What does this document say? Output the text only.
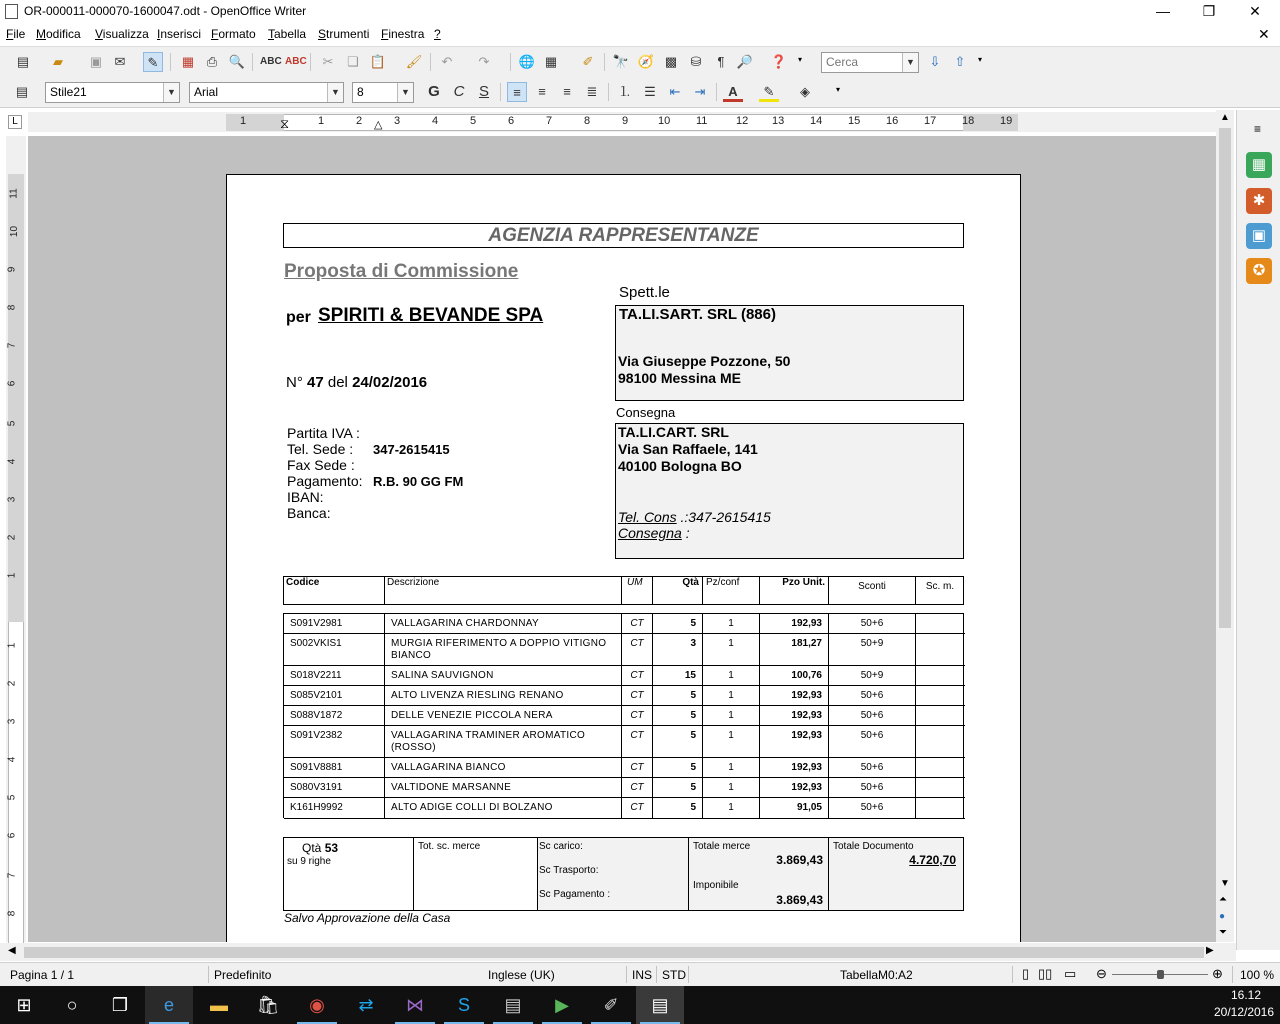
OR-000011-000070-1600047.odt - OpenOffice Writer	—	❐	✕
File Modifica Visualizza Inserisci Formato Tabella Strumenti Finestra ?	✕
▤	▰	▣ ✉	✎	▦ ⎙ 🔍 ABC ABC	✂	❏ 📋 🖌	↶	↷	🌐 ▦	✐	🔭 🧭 ▩	⛁	¶ 🔎 ❓ ▾	Cerca	▼	⇩	⇧	▾
▤	Stile21	▼	Arial	▼	8	▼ G C S	≡	≡	≡	≣	⒈ ☰	⇤	⇥	A	✎	◈	▾
L	⧖	△
1	1	2	3	4	5	6	7	8	9	10 11	12 13 14 15 16 17 18 19
11
10
9
8
7
6
5
4
3
2
1
1
2
3
4
5
6
7
8
AGENZIA RAPPRESENTANZE
Proposta di Commissione
per SPIRITI & BEVANDE SPA
N° 47 del 24/02/2016
Partita IVA :
Tel. Sede : 347-2615415
Fax Sede :
Pagamento: R.B. 90 GG FM
IBAN:
Banca:
Spett.le
TA.LI.SART. SRL (886)
Via Giuseppe Pozzone, 50
98100 Messina ME
Consegna
TA.LI.CART. SRL
Via San Raffaele, 141
40100 Bologna BO
Tel. Cons .:347-2615415
Consegna :
Codice	Descrizione	UM	Qtà Pz/conf	Pzo Unit.	Sconti	Sc. m.
S091V2981	VALLAGARINA CHARDONNAY	CT	5	1	192,93	50+6
S002VKIS1	MURGIA RIFERIMENTO A DOPPIO VITIGNO BIANCO
CT	3	1	181,27	50+9
S018V2211	SALINA SAUVIGNON	CT	15	1	100,76	50+9
S085V2101	ALTO LIVENZA RIESLING RENANO	CT	5	1	192,93	50+6
S088V1872	DELLE VENEZIE PICCOLA NERA	CT	5	1	192,93	50+6
S091V2382	VALLAGARINA TRAMINER AROMATICO (ROSSO)
CT	5	1	192,93	50+6
S091V8881	VALLAGARINA BIANCO	CT	5	1	192,93	50+6
S080V3191	VALTIDONE MARSANNE	CT	5	1	192,93	50+6
K161H9992	ALTO ADIGE COLLI DI BOLZANO	CT	5	1	91,05	50+6
Qtà 53
su 9 righe
Tot. sc. merce	Sc carico:
Sc Trasporto:
Sc Pagamento :
Totale merce
3.869,43
Imponibile
3.869,43
Totale Documento
4.720,70
Salvo Approvazione della Casa
▲
▼
⏶
●
⏷
◀	▶
≡
▦
✱
▣
✪
Pagina 1 / 1	Predefinito	Inglese (UK)	INS STD	TabellaM0:A2	▯ ▯▯ ▭ ⊖	⊕ 100 %
⊞	○	❐	e	▬	🛍	◉	⇄	⋈	S	▤	▶	✐	▤	16.12
20/12/2016
